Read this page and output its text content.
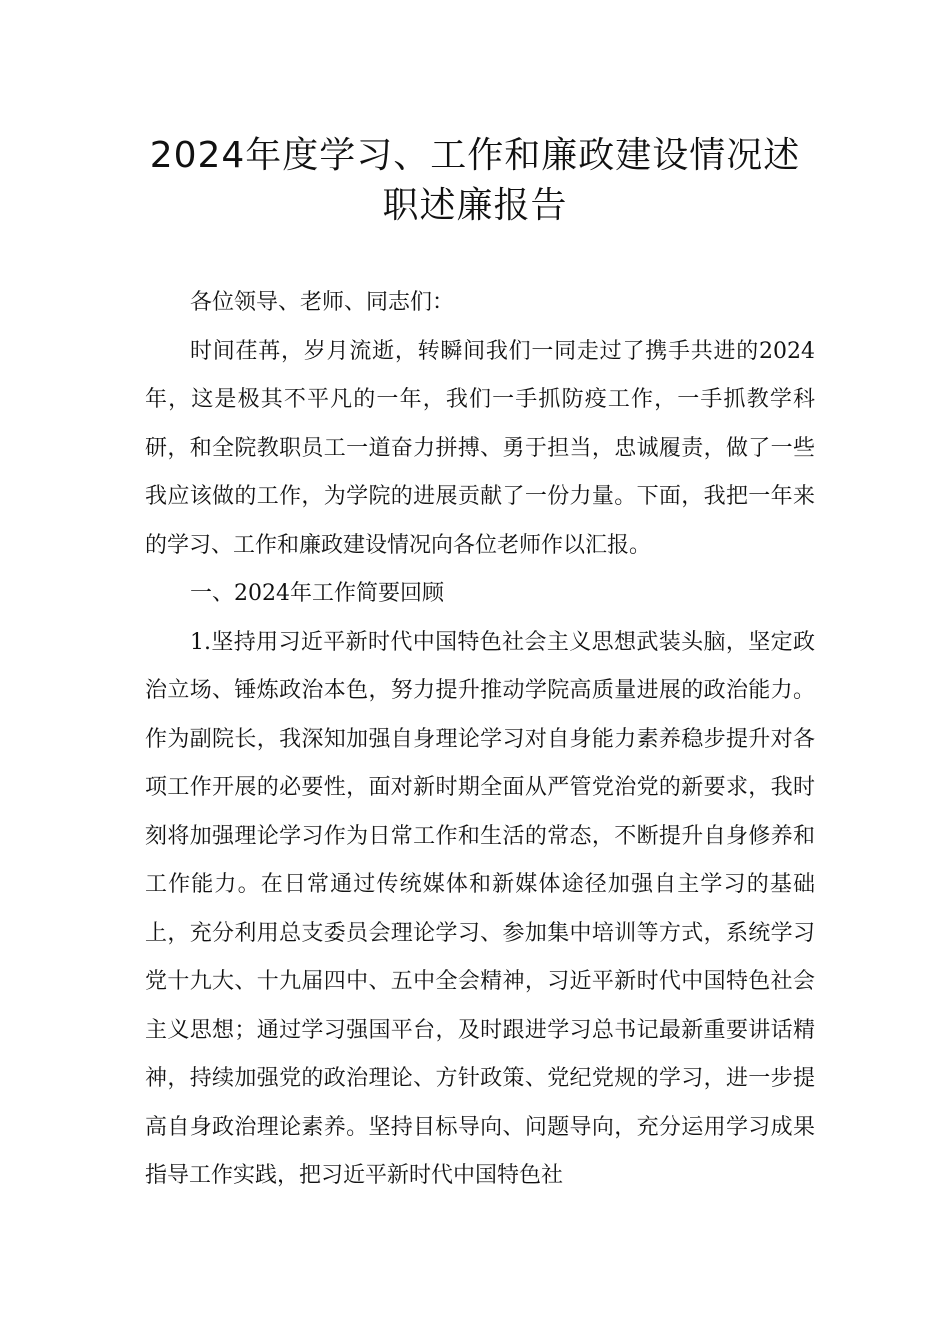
2024年度学习、工作和廉政建设情况述
职述廉报告

各位领导、老师、同志们：

时间荏苒，岁月流逝，转瞬间我们一同走过了携手共进的2024年，这是极其不平凡的一年，我们一手抓防疫工作，一手抓教学科研，和全院教职员工一道奋力拼搏、勇于担当，忠诚履责，做了一些我应该做的工作，为学院的进展贡献了一份力量。下面，我把一年来的学习、工作和廉政建设情况向各位老师作以汇报。

一、2024年工作简要回顾

1.坚持用习近平新时代中国特色社会主义思想武装头脑，坚定政治立场、锤炼政治本色，努力提升推动学院高质量进展的政治能力。作为副院长，我深知加强自身理论学习对自身能力素养稳步提升对各项工作开展的必要性，面对新时期全面从严管党治党的新要求，我时刻将加强理论学习作为日常工作和生活的常态，不断提升自身修养和工作能力。在日常通过传统媒体和新媒体途径加强自主学习的基础上，充分利用总支委员会理论学习、参加集中培训等方式，系统学习党十九大、十九届四中、五中全会精神，习近平新时代中国特色社会主义思想；通过学习强国平台，及时跟进学习总书记最新重要讲话精神，持续加强党的政治理论、方针政策、党纪党规的学习，进一步提高自身政治理论素养。坚持目标导向、问题导向，充分运用学习成果指导工作实践，把习近平新时代中国特色社
